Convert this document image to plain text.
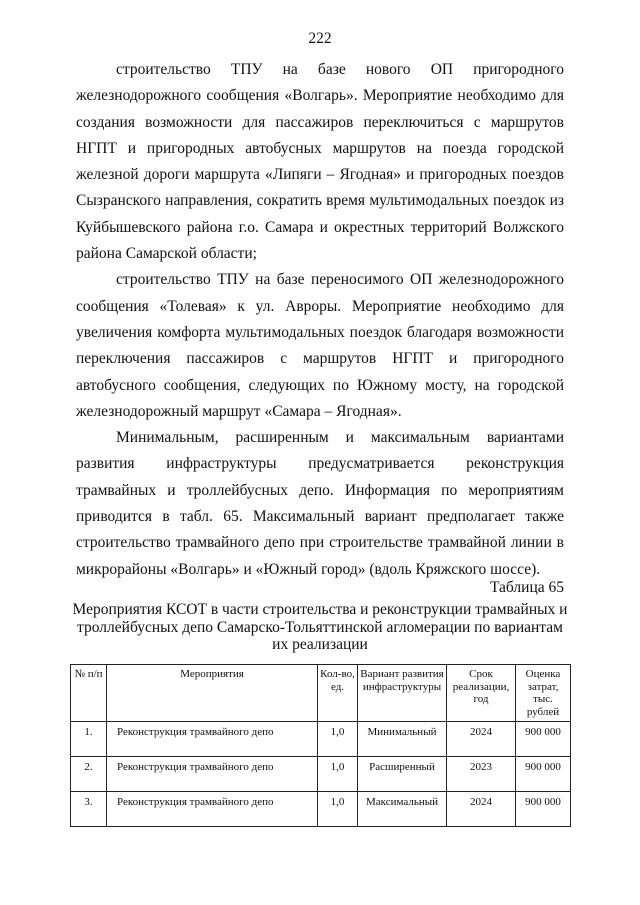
222

строительство ТПУ на базе нового ОП пригородного железнодорожного сообщения «Волгарь». Мероприятие необходимо для создания возможности для пассажиров переключиться с маршрутов НГПТ и пригородных автобусных маршрутов на поезда городской железной дороги маршрута «Липяги – Ягодная» и пригородных поездов Сызранского направления, сократить время мультимодальных поездок из Куйбышевского района г.о. Самара и окрестных территорий Волжского района Самарской области;

строительство ТПУ на базе переносимого ОП железнодорожного сообщения «Толевая» к ул. Авроры. Мероприятие необходимо для увеличения комфорта мультимодальных поездок благодаря возможности переключения пассажиров с маршрутов НГПТ и пригородного автобусного сообщения, следующих по Южному мосту, на городской железнодорожный маршрут «Самара – Ягодная».

Минимальным, расширенным и максимальным вариантами развития инфраструктуры предусматривается реконструкция трамвайных и троллейбусных депо. Информация по мероприятиям приводится в табл. 65. Максимальный вариант предполагает также строительство трамвайного депо при строительстве трамвайной линии в микрорайоны «Волгарь» и «Южный город» (вдоль Кряжского шоссе).

Таблица 65
Мероприятия КСОТ в части строительства и реконструкции трамвайных и троллейбусных депо Самарско-Тольяттинской агломерации по вариантам их реализации
№ п/п	Мероприятия	Кол-во, ед.	Вариант развития инфраструктуры	Срок реализации, год	Оценка затрат, тыс. рублей
1.	Реконструкция трамвайного депо	1,0	Минимальный	2024	900 000
2.	Реконструкция трамвайного депо	1,0	Расширенный	2023	900 000
3.	Реконструкция трамвайного депо	1,0	Максимальный	2024	900 000
